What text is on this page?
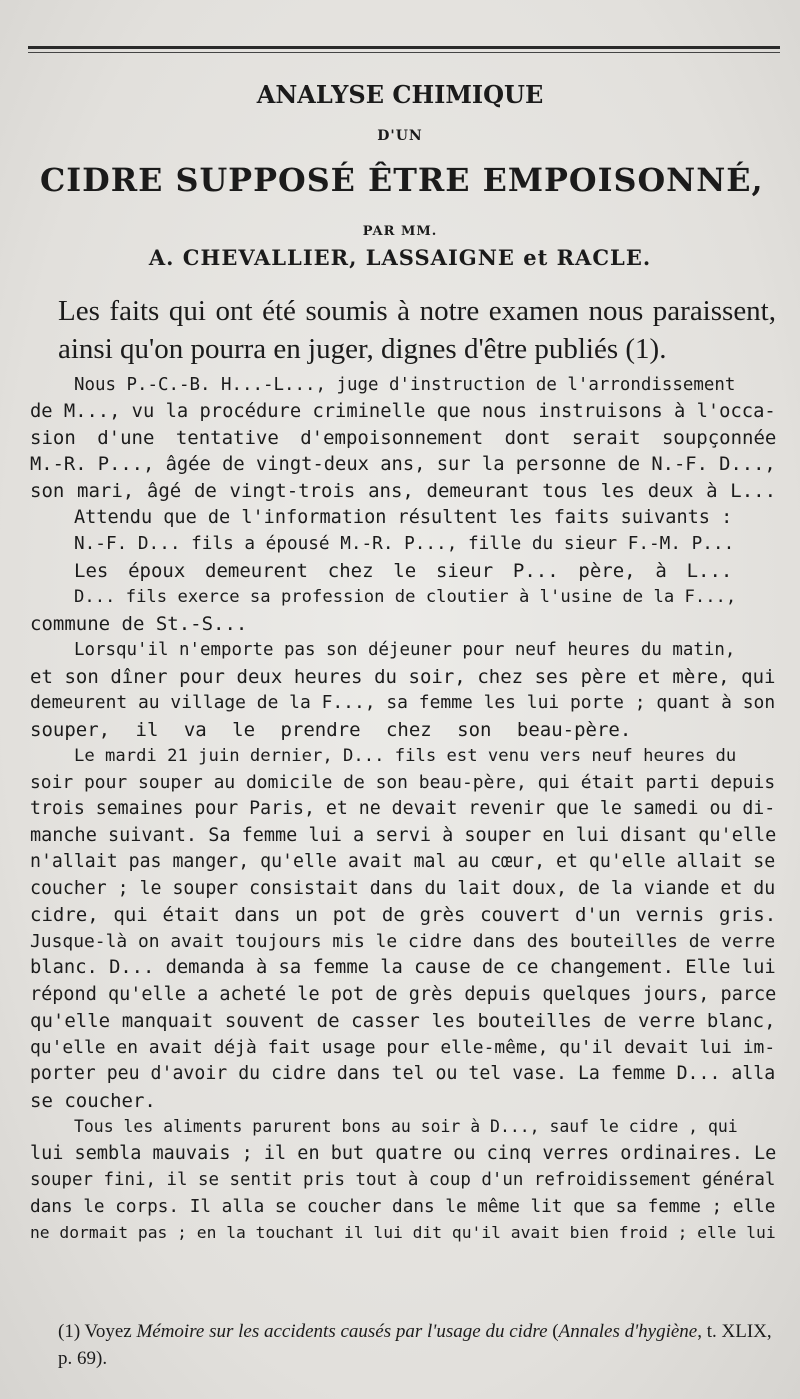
ANALYSE CHIMIQUE
D'UN
CIDRE SUPPOSÉ ÊTRE EMPOISONNÉ,
PAR MM.
A. CHEVALLIER, LASSAIGNE et RACLE.
Les faits qui ont été soumis à notre examen nous paraissent, ainsi qu'on pourra en juger, dignes d'être publiés (1).
Nous P.-C.-B. H...-L..., juge d'instruction de l'arrondissement
de M..., vu la procédure criminelle que nous instruisons à l'occa-
sion d'une tentative d'empoisonnement dont serait soupçonnée
M.-R. P..., âgée de vingt-deux ans, sur la personne de N.-F. D...,
son mari, âgé de vingt-trois ans, demeurant tous les deux à L...
Attendu que de l'information résultent les faits suivants :
N.-F. D... fils a épousé M.-R. P..., fille du sieur F.-M. P...
Les époux demeurent chez le sieur P... père, à L...
D... fils exerce sa profession de cloutier à l'usine de la F...,
commune de St.-S...
Lorsqu'il n'emporte pas son déjeuner pour neuf heures du matin,
et son dîner pour deux heures du soir, chez ses père et mère, qui
demeurent au village de la F..., sa femme les lui porte ; quant à son
souper, il va le prendre chez son beau-père.
Le mardi 21 juin dernier, D... fils est venu vers neuf heures du
soir pour souper au domicile de son beau-père, qui était parti depuis
trois semaines pour Paris, et ne devait revenir que le samedi ou di-
manche suivant. Sa femme lui a servi à souper en lui disant qu'elle
n'allait pas manger, qu'elle avait mal au cœur, et qu'elle allait se
coucher ; le souper consistait dans du lait doux, de la viande et du
cidre, qui était dans un pot de grès couvert d'un vernis gris.
Jusque-là on avait toujours mis le cidre dans des bouteilles de verre
blanc. D... demanda à sa femme la cause de ce changement. Elle lui
répond qu'elle a acheté le pot de grès depuis quelques jours, parce
qu'elle manquait souvent de casser les bouteilles de verre blanc,
qu'elle en avait déjà fait usage pour elle-même, qu'il devait lui im-
porter peu d'avoir du cidre dans tel ou tel vase. La femme D... alla
se coucher.
Tous les aliments parurent bons au soir à D..., sauf le cidre , qui
lui sembla mauvais ; il en but quatre ou cinq verres ordinaires. Le
souper fini, il se sentit pris tout à coup d'un refroidissement général
dans le corps. Il alla se coucher dans le même lit que sa femme ; elle
ne dormait pas ; en la touchant il lui dit qu'il avait bien froid ; elle lui
(1) Voyez Mémoire sur les accidents causés par l'usage du cidre (Annales d'hygiène, t. XLIX, p. 69).
